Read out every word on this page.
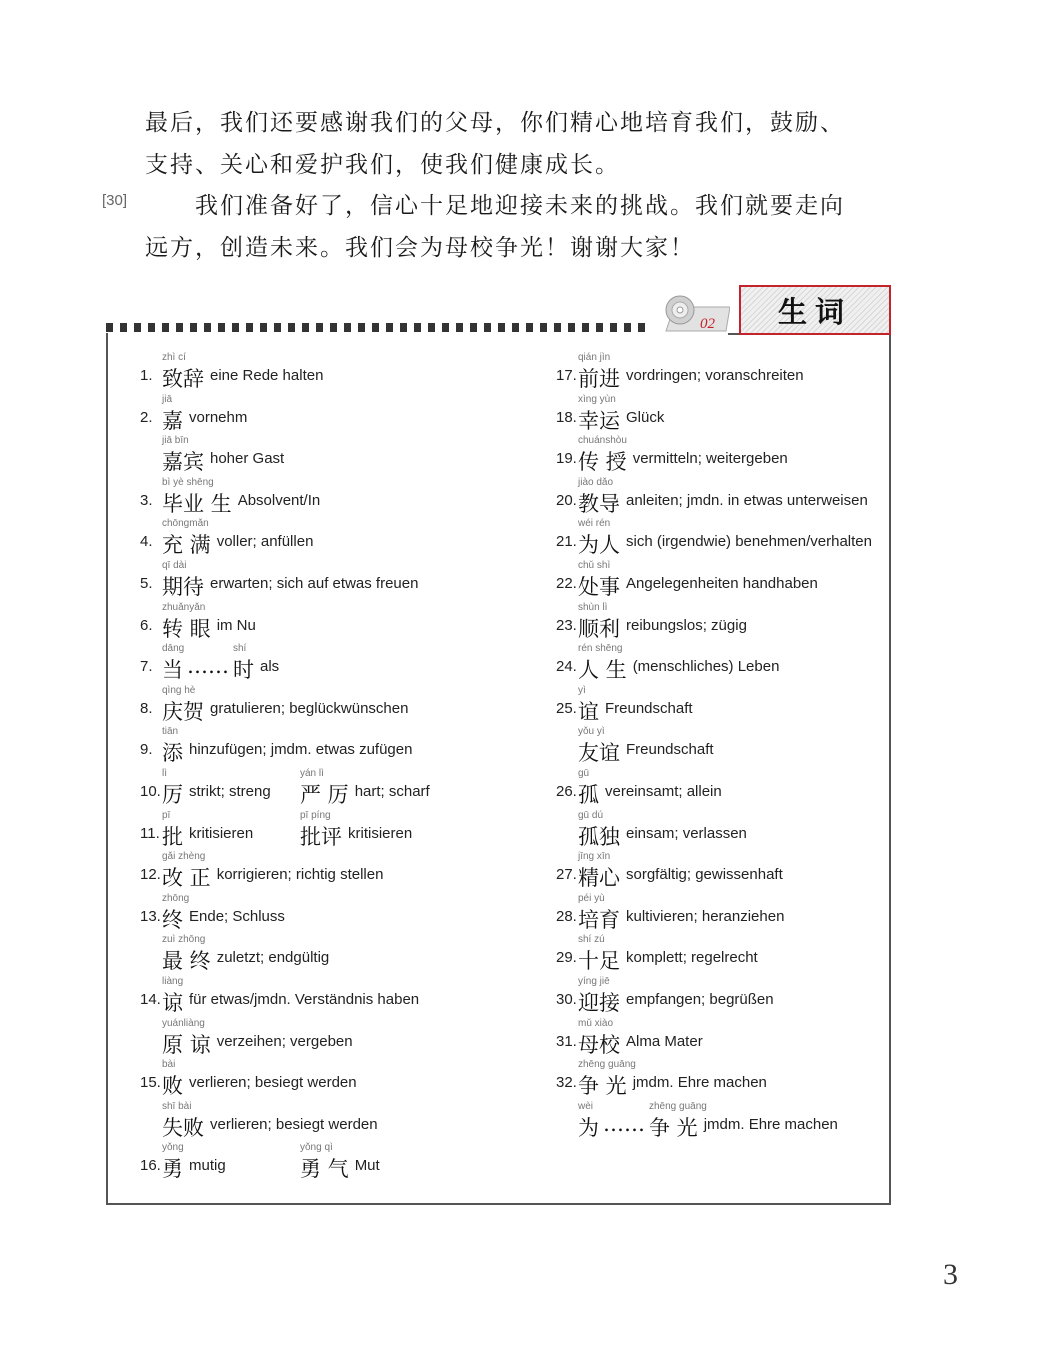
最后，我们还要感谢我们的父母，你们精心地培育我们，鼓励、
支持、关心和爱护我们，使我们健康成长。
　　我们准备好了，信心十足地迎接未来的挑战。我们就要走向
远方，创造未来。我们会为母校争光！谢谢大家！
[30]
02 生词
1.
zhì cí
致辞 eine Rede halten
2.
jiā
嘉 vornehm
jiā bīn
嘉宾 hoher Gast
3.
bì yè shēng
毕业 生 Absolvent/In
4.
chōngmǎn
充 满 voller; anfüllen
5.
qī dài
期待 erwarten; sich auf etwas freuen
6.
zhuǎnyǎn
转 眼 im Nu
7.
dāng
当 ……
shí
时 als
8.
qìng hè
庆贺 gratulieren; beglückwünschen
9.
tiān
添 hinzufügen; jmdm. etwas zufügen
10.
lì
厉 strikt; streng
yán lì
严 厉 hart; scharf
11.
pī
批 kritisieren
pī píng
批评 kritisieren
12.
gǎi zhèng
改 正 korrigieren; richtig stellen
13.
zhōng
终 Ende; Schluss
zuì zhōng
最 终 zuletzt; endgültig
14.
liàng
谅 für etwas/jmdn. Verständnis haben
yuánliàng
原 谅 verzeihen; vergeben
15.
bài
败 verlieren; besiegt werden
shī bài
失败 verlieren; besiegt werden
16.
yǒng
勇 mutig
yǒng qì
勇 气 Mut
17.
qián jìn
前进 vordringen; voranschreiten
18.
xìng yùn
幸运 Glück
19.
chuánshòu
传 授 vermitteln; weitergeben
20.
jiào dǎo
教导 anleiten; jmdn. in etwas unterweisen
21.
wéi rén
为人 sich (irgendwie) benehmen/verhalten
22.
chǔ shì
处事 Angelegenheiten handhaben
23.
shùn lì
顺利 reibungslos; zügig
24.
rén shēng
人 生 (menschliches) Leben
25.
yì
谊 Freundschaft
yǒu yì
友谊 Freundschaft
26.
gū
孤 vereinsamt; allein
gū dú
孤独 einsam; verlassen
27.
jīng xīn
精心 sorgfältig; gewissenhaft
28.
péi yù
培育 kultivieren; heranziehen
29.
shí zú
十足 komplett; regelrecht
30.
yíng jiē
迎接 empfangen; begrüßen
31.
mǔ xiào
母校 Alma Mater
32.
zhēng guāng
争 光 jmdm. Ehre machen
wèi
为 ……
zhēng guāng
争 光 jmdm. Ehre machen
3
